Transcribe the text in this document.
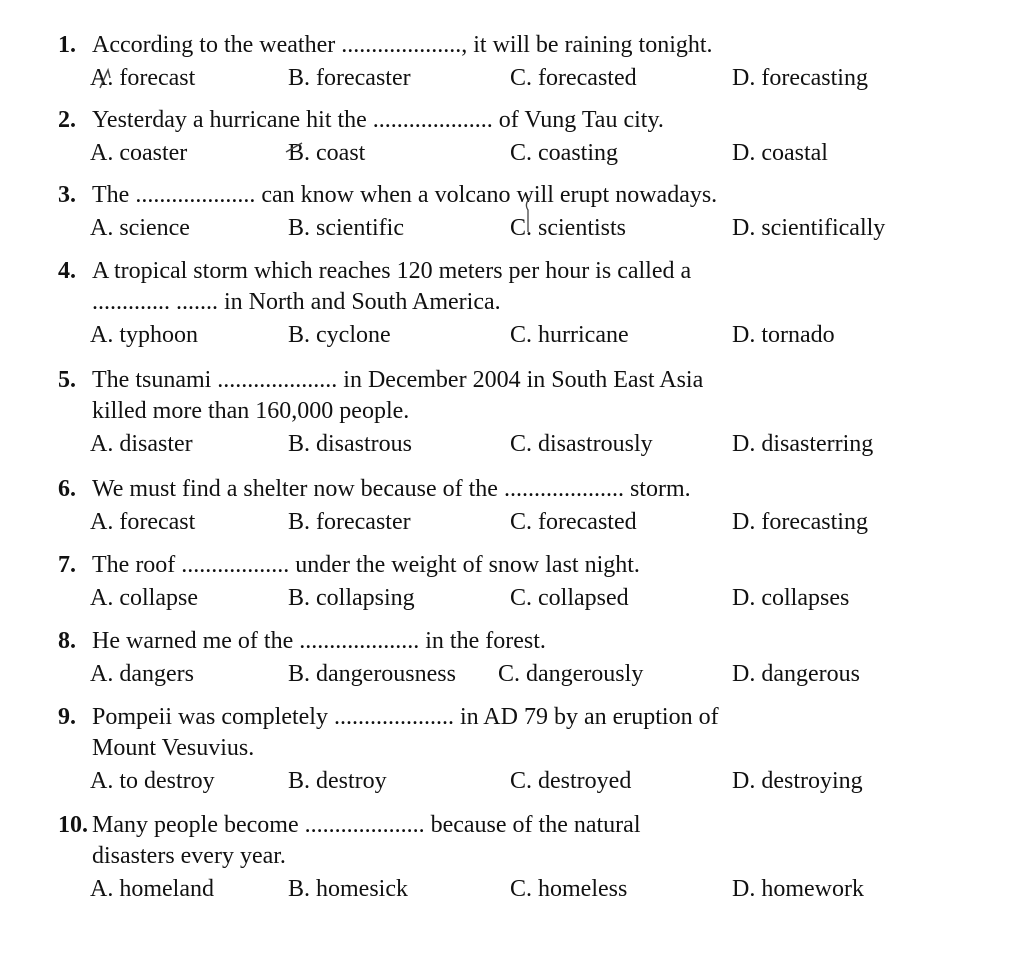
1. According to the weather ...................., it will be raining tonight.
A. forecast	B. forecaster	C. forecasted	D. forecasting
2. Yesterday a hurricane hit the .................... of Vung Tau city.
A. coaster	B. coast	C. coasting	D. coastal
3. The .................... can know when a volcano will erupt nowadays.
A. science	B. scientific	C. scientists	D. scientifically
4. A tropical storm which reaches 120 meters per hour is called a
............. ....... in North and South America.
A. typhoon	B. cyclone	C. hurricane	D. tornado
5. The tsunami .................... in December 2004 in South East Asia
killed more than 160,000 people.
A. disaster	B. disastrous	C. disastrously	D. disasterring
6. We must find a shelter now because of the .................... storm.
A. forecast	B. forecaster	C. forecasted	D. forecasting
7. The roof .................. under the weight of snow last night.
A. collapse	B. collapsing	C. collapsed	D. collapses
8. He warned me of the .................... in the forest.
A. dangers	B. dangerousness C. dangerously	D. dangerous
9. Pompeii was completely .................... in AD 79 by an eruption of
Mount Vesuvius.
A. to destroy	B. destroy	C. destroyed	D. destroying
10. Many people become .................... because of the natural
disasters every year.
A. homeland	B. homesick	C. homeless	D. homework
